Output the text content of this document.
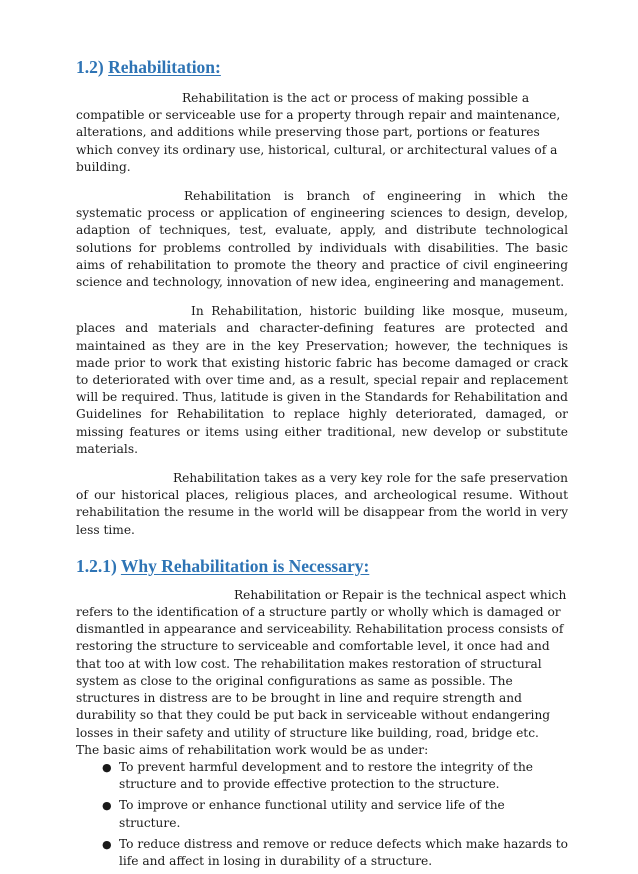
1.2) Rehabilitation:

Rehabilitation is the act or process of making possible a compatible or serviceable use for a property through repair and maintenance, alterations, and additions while preserving those part, portions or features which convey its ordinary use, historical, cultural, or architectural values of a building.

Rehabilitation is branch of engineering in which the systematic process or application of engineering sciences to design, develop, adaption of techniques, test, evaluate, apply, and distribute technological solutions for problems controlled by individuals with disabilities. The basic aims of rehabilitation to promote the theory and practice of civil engineering science and technology, innovation of new idea, engineering and management.

In Rehabilitation, historic building like mosque, museum, places and materials and character-defining features are protected and maintained as they are in the key Preservation; however, the techniques is made prior to work that existing historic fabric has become damaged or crack to deteriorated with over time and, as a result, special repair and replacement will be required. Thus, latitude is given in the Standards for Rehabilitation and Guidelines for Rehabilitation to replace highly deteriorated, damaged, or missing features or items using either traditional, new develop or substitute materials.

Rehabilitation takes as a very key role for the safe preservation of our historical places, religious places, and archeological resume. Without rehabilitation the resume in the world will be disappear from the world in very less time.

1.2.1) Why Rehabilitation is Necessary:

Rehabilitation or Repair is the technical aspect which refers to the identification of a structure partly or wholly which is damaged or dismantled in appearance and serviceability. Rehabilitation process consists of restoring the structure to serviceable and comfortable level, it once had and that too at with low cost. The rehabilitation makes restoration of structural system as close to the original configurations as same as possible. The structures in distress are to be brought in line and require strength and durability so that they could be put back in serviceable without endangering losses in their safety and utility of structure like building, road, bridge etc.

The basic aims of rehabilitation work would be as under:

● To prevent harmful development and to restore the integrity of the structure and to provide effective protection to the structure.
● To improve or enhance functional utility and service life of the structure.
● To reduce distress and remove or reduce defects which make hazards to life and affect in losing in durability of a structure.
